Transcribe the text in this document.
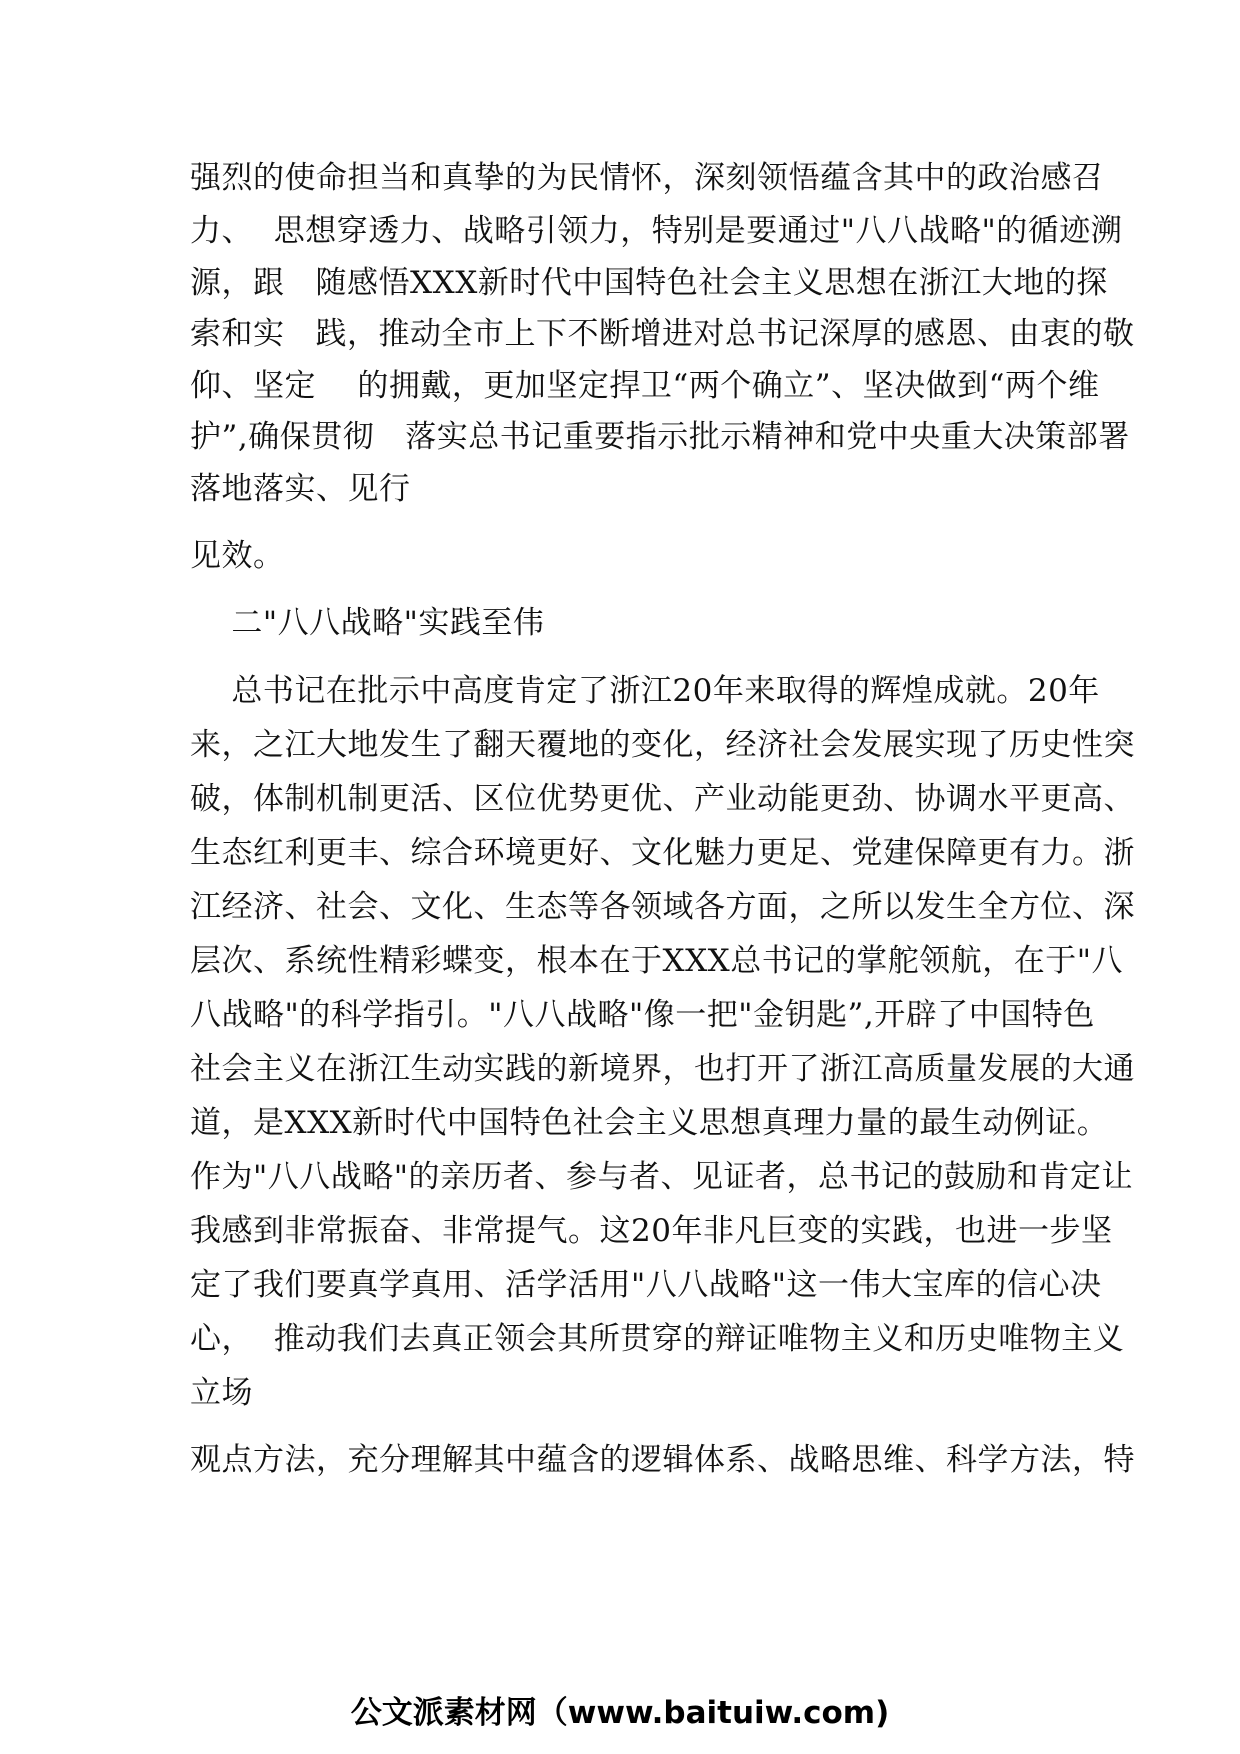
强烈的使命担当和真挚的为民情怀，深刻领悟蕴含其中的政治感召
力、  思想穿透力、战略引领力，特别是要通过"八八战略"的循迹溯
源，跟   随感悟XXX新时代中国特色社会主义思想在浙江大地的探
索和实   践，推动全市上下不断增进对总书记深厚的感恩、由衷的敬
仰、坚定    的拥戴，更加坚定捍卫“两个确立”、坚决做到“两个维
护”,确保贯彻   落实总书记重要指示批示精神和党中央重大决策部署
落地落实、见行
见效。
二"八八战略"实践至伟
总书记在批示中高度肯定了浙江20年来取得的辉煌成就。20年
来，之江大地发生了翻天覆地的变化，经济社会发展实现了历史性突
破，体制机制更活、区位优势更优、产业动能更劲、协调水平更高、
生态红利更丰、综合环境更好、文化魅力更足、党建保障更有力。浙
江经济、社会、文化、生态等各领域各方面，之所以发生全方位、深
层次、系统性精彩蝶变，根本在于XXX总书记的掌舵领航，在于"八
八战略"的科学指引。"八八战略"像一把"金钥匙”,开辟了中国特色
社会主义在浙江生动实践的新境界，也打开了浙江高质量发展的大通
道，是XXX新时代中国特色社会主义思想真理力量的最生动例证。
作为"八八战略"的亲历者、参与者、见证者，总书记的鼓励和肯定让
我感到非常振奋、非常提气。这20年非凡巨变的实践，也进一步坚
定了我们要真学真用、活学活用"八八战略"这一伟大宝库的信心决
心，  推动我们去真正领会其所贯穿的辩证唯物主义和历史唯物主义
立场
观点方法，充分理解其中蕴含的逻辑体系、战略思维、科学方法，特
公文派素材网（www.baituiw.com)
